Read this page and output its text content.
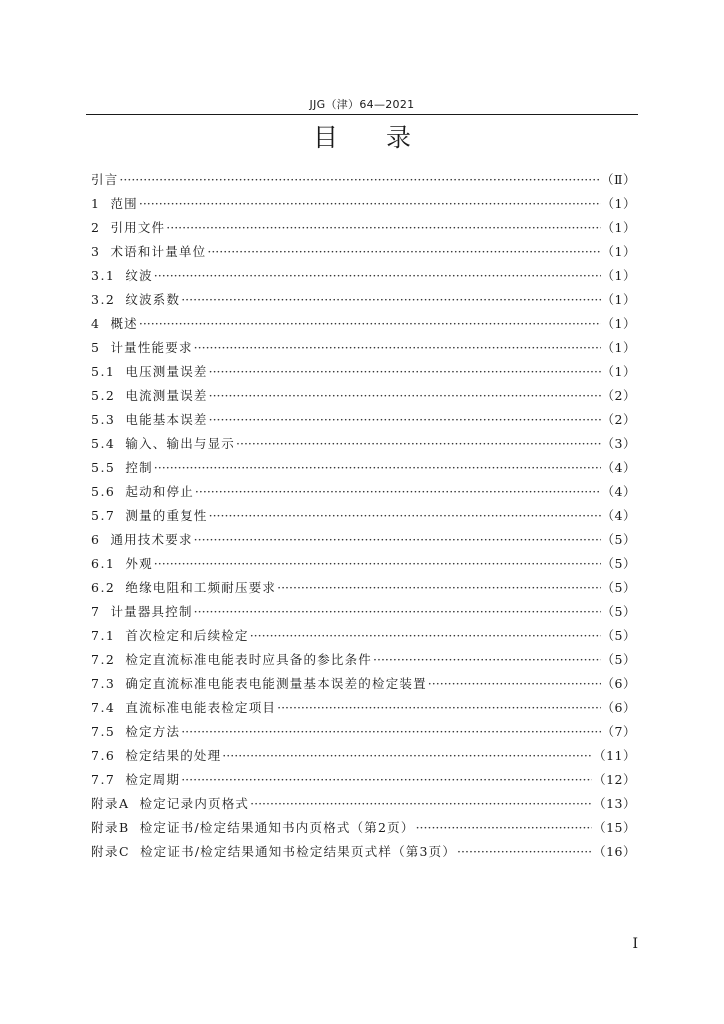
JJG（津）64—2021
目 录
引言 ·····	（Ⅱ）
1 范围 ·····	（1）
2 引用文件 ·····	（1）
3 术语和计量单位 ·····	（1）
3.1 纹波 ·····	（1）
3.2 纹波系数 ·····	（1）
4 概述 ·····	（1）
5 计量性能要求 ·····	（1）
5.1 电压测量误差 ·····	（1）
5.2 电流测量误差 ·····	（2）
5.3 电能基本误差 ·····	（2）
5.4 输入、输出与显示 ·····	（3）
5.5 控制 ·····	（4）
5.6 起动和停止 ·····	（4）
5.7 测量的重复性 ·····	（4）
6 通用技术要求 ·····	（5）
6.1 外观 ·····	（5）
6.2 绝缘电阻和工频耐压要求 ·····	（5）
7 计量器具控制 ·····	（5）
7.1 首次检定和后续检定 ·····	（5）
7.2 检定直流标准电能表时应具备的参比条件 ·····	（5）
7.3 确定直流标准电能表电能测量基本误差的检定装置 ·····	（6）
7.4 直流标准电能表检定项目 ·····	（6）
7.5 检定方法 ·····	（7）
7.6 检定结果的处理 ·····	（11）
7.7 检定周期 ·····	（12）
附录A 检定记录内页格式 ·····	（13）
附录B 检定证书/检定结果通知书内页格式（第2页） ·····	（15）
附录C 检定证书/检定结果通知书检定结果页式样（第3页） ·····	（16）
I
